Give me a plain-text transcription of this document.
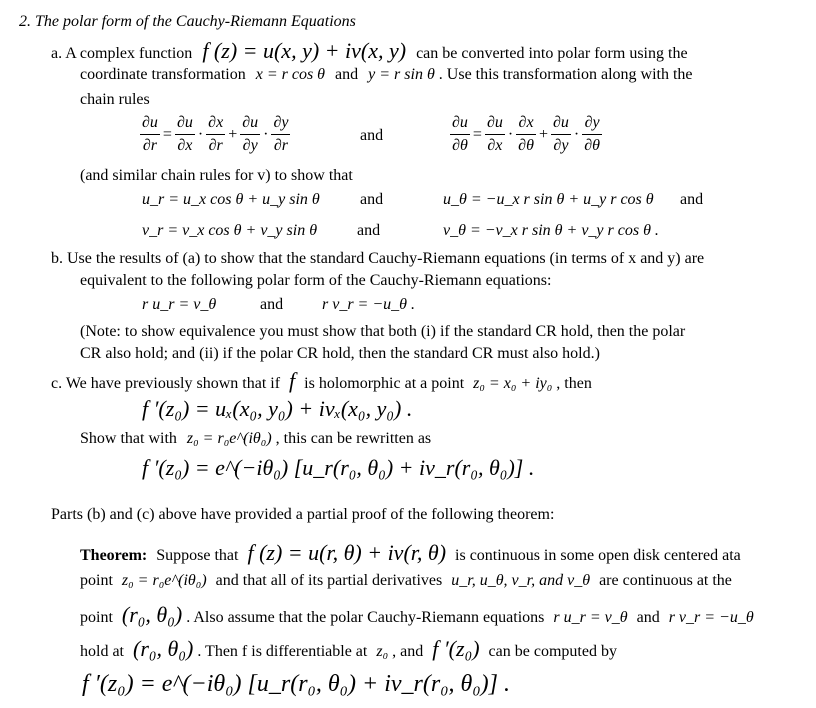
2. The polar form of the Cauchy-Riemann Equations
a. A complex function f (z) = u(x, y) + iv(x, y) can be converted into polar form using the
coordinate transformation x = r cos θ and y = r sin θ . Use this transformation along with the
chain rules
$\frac{\partial u}{\partial r} = \frac{\partial u}{\partial x} \cdot \frac{\partial x}{\partial r} + \frac{\partial u}{\partial y} \cdot \frac{\partial y}{\partial r}$	and	$\frac{\partial u}{\partial\theta} = \frac{\partial u}{\partial x} \cdot \frac{\partial x}{\partial\theta} + \frac{\partial u}{\partial y} \cdot \frac{\partial y}{\partial\theta}$
(and similar chain rules for v) to show that
u_r = u_x cos θ + u_y sin θ	and	u_θ = −u_x r sin θ + u_y r cos θ and
v_r = v_x cos θ + v_y sin θ and	v_θ = −v_x r sin θ + v_y r cos θ .
b. Use the results of (a) to show that the standard Cauchy-Riemann equations (in terms of x and y) are
equivalent to the following polar form of the Cauchy-Riemann equations:
r u_r = v_θ	and r v_r = −u_θ .
(Note: to show equivalence you must show that both (i) if the standard CR hold, then the polar
CR also hold; and (ii) if the polar CR hold, then the standard CR must also hold.)
c. We have previously shown that if f is holomorphic at a point z₀ = x₀ + iy₀ , then
f ′(z₀) = uₓ(x₀, y₀) + ivₓ(x₀, y₀) .
Show that with z₀ = r₀e^(iθ₀) , this can be rewritten as
f ′(z₀) = e^(−iθ₀) [u_r(r₀, θ₀) + iv_r(r₀, θ₀)] .
Parts (b) and (c) above have provided a partial proof of the following theorem:
Theorem: Suppose that f (z) = u(r, θ) + iv(r, θ) is continuous in some open disk centered ata
point z₀ = r₀e^(iθ₀) and that all of its partial derivatives u_r, u_θ, v_r, and v_θ are continuous at the
point (r₀, θ₀) . Also assume that the polar Cauchy-Riemann equations r u_r = v_θ and r v_r = −u_θ
hold at (r₀, θ₀) . Then f is differentiable at z₀ , and f ′(z₀) can be computed by
f ′(z₀) = e^(−iθ₀) [u_r(r₀, θ₀) + iv_r(r₀, θ₀)] .
